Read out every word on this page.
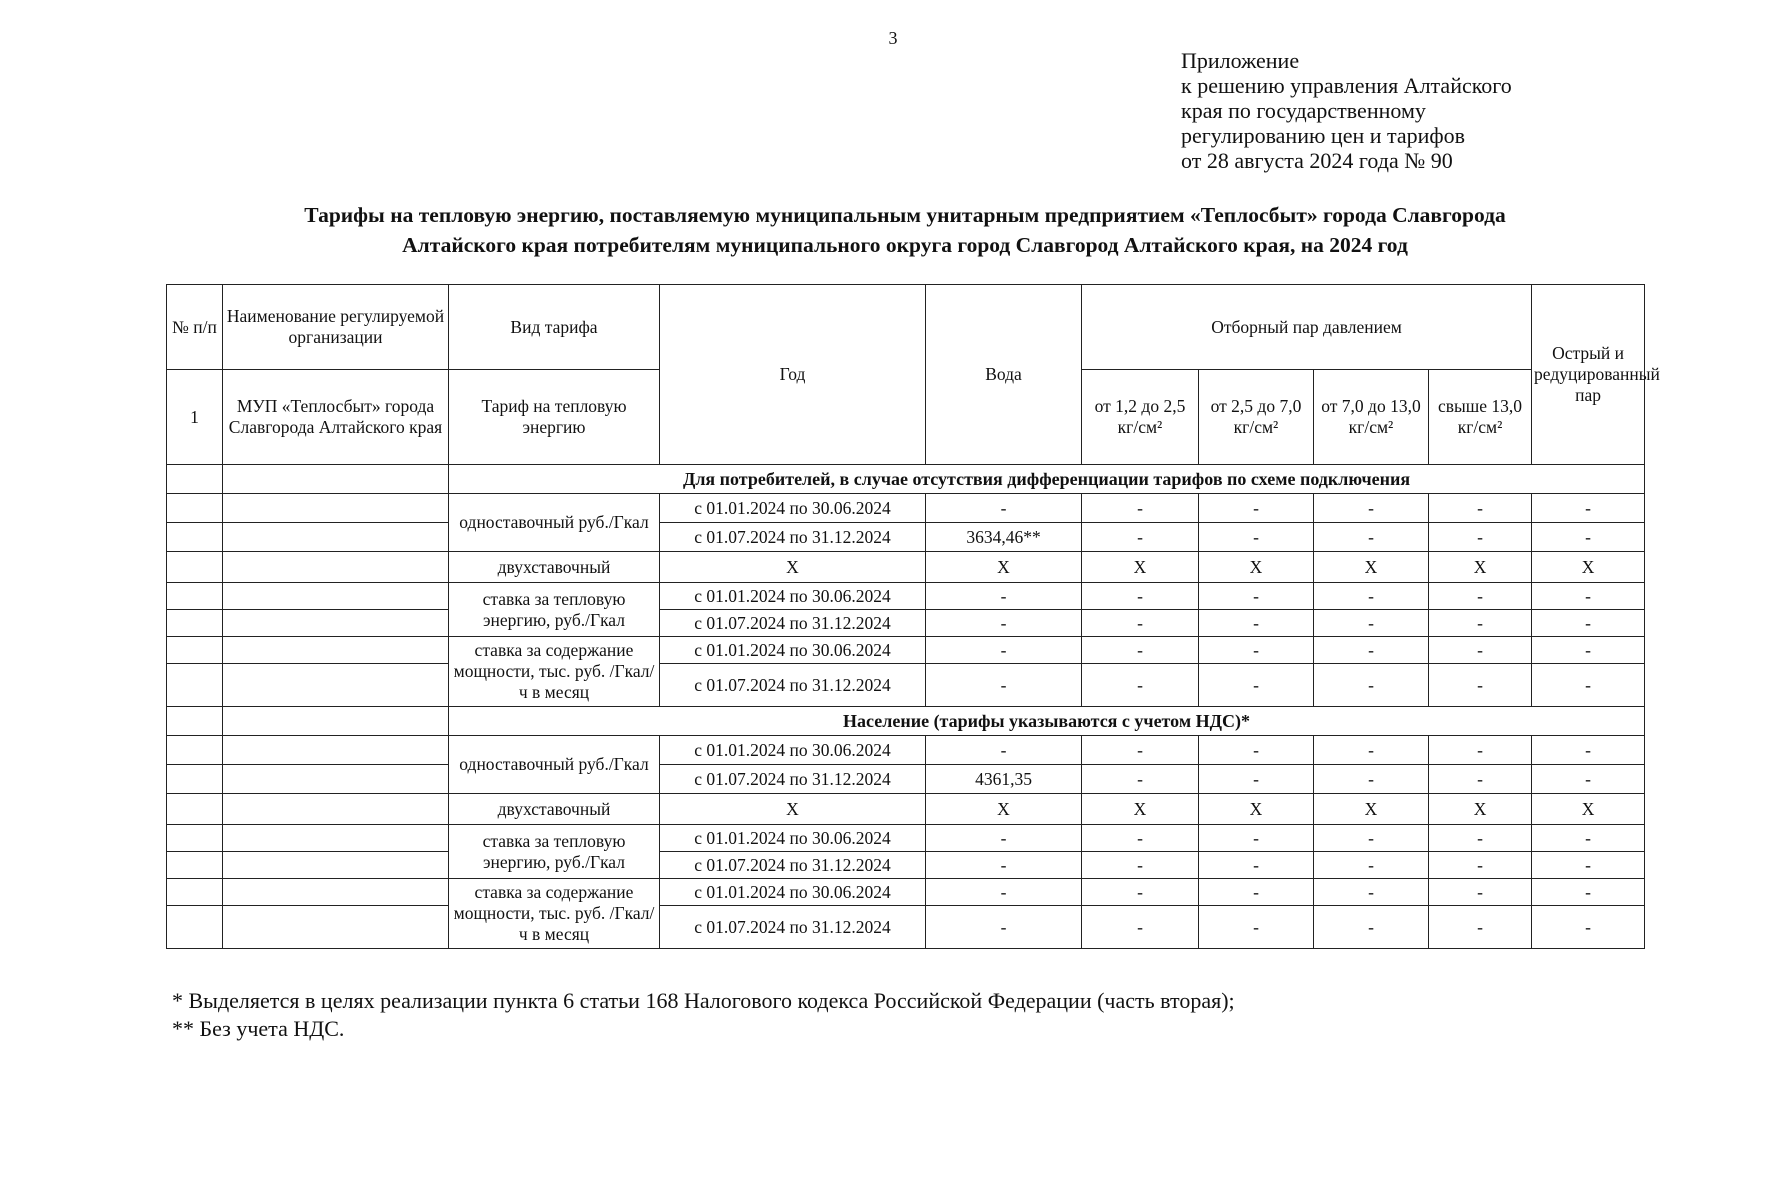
3
Приложение
к решению управления Алтайского
края по государственному
регулированию цен и тарифов
от 28 августа 2024 года № 90
Тарифы на тепловую энергию, поставляемую муниципальным унитарным предприятием «Теплосбыт» города Славгорода
Алтайского края потребителям муниципального округа город Славгород Алтайского края, на 2024 год
№ п/п	Наименование регулируемой организации	Вид тарифа	Год	Вода	Отборный пар давлением				Острый и редуцированный пар
1	МУП «Теплосбыт» города Славгорода Алтайского края	Тариф на тепловую энергию			от 1,2 до 2,5 кг/см²	от 2,5 до 7,0 кг/см²	от 7,0 до 13,0 кг/см²	свыше 13,0 кг/см²	
		Для потребителей, в случае отсутствия дифференциации тарифов по схеме подключения							
		одноставочный руб./Гкал	с 01.01.2024 по 30.06.2024	-	-	-	-	-	-
			с 01.07.2024 по 31.12.2024	3634,46**	-	-	-	-	-
		двухставочный	X	X	X	X	X	X	X
		ставка за тепловую энергию, руб./Гкал	с 01.01.2024 по 30.06.2024	-	-	-	-	-	-
			с 01.07.2024 по 31.12.2024	-	-	-	-	-	-
		ставка за содержание мощности, тыс. руб. /Гкал/ч в месяц	с 01.01.2024 по 30.06.2024	-	-	-	-	-	-
			с 01.07.2024 по 31.12.2024	-	-	-	-	-	-
		Население (тарифы указываются с учетом НДС)*							
		одноставочный руб./Гкал	с 01.01.2024 по 30.06.2024	-	-	-	-	-	-
			с 01.07.2024 по 31.12.2024	4361,35	-	-	-	-	-
		двухставочный	X	X	X	X	X	X	X
		ставка за тепловую энергию, руб./Гкал	с 01.01.2024 по 30.06.2024	-	-	-	-	-	-
			с 01.07.2024 по 31.12.2024	-	-	-	-	-	-
		ставка за содержание мощности, тыс. руб. /Гкал/ч в месяц	с 01.01.2024 по 30.06.2024	-	-	-	-	-	-
			с 01.07.2024 по 31.12.2024	-	-	-	-	-	-
* Выделяется в целях реализации пункта 6 статьи 168 Налогового кодекса Российской Федерации (часть вторая);
** Без учета НДС.
